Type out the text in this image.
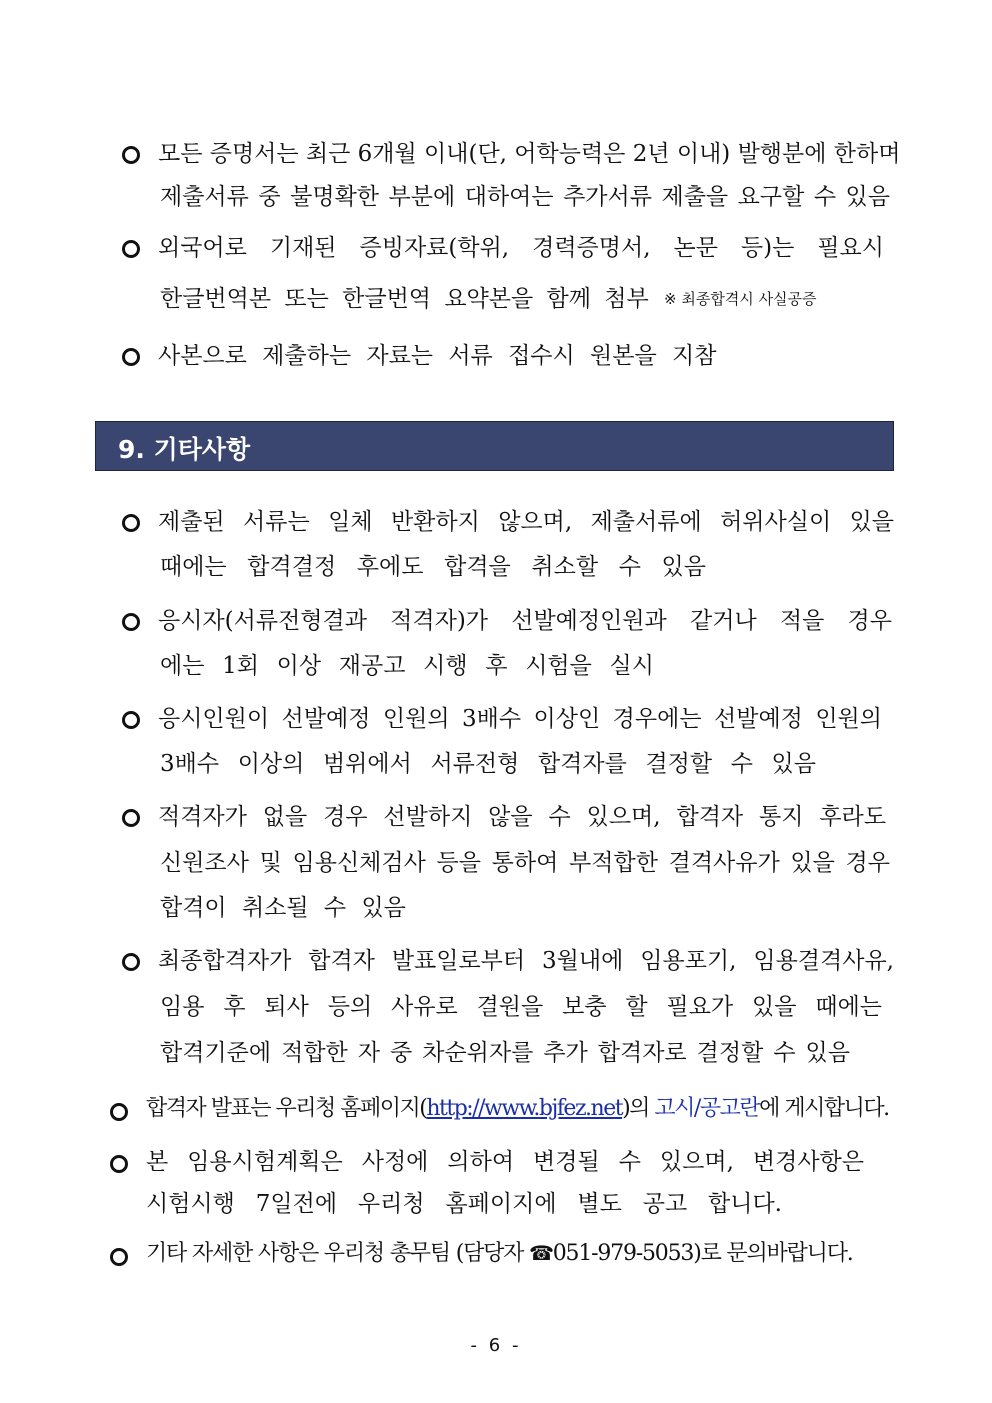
모든 증명서는 최근 6개월 이내(단, 어학능력은 2년 이내) 발행분에 한하며
제출서류 중 불명확한 부분에 대하여는 추가서류 제출을 요구할 수 있음
외국어로 기재된 증빙자료(학위, 경력증명서, 논문 등)는 필요시
한글번역본 또는 한글번역 요약본을 함께 첨부 ※ 최종합격시 사실공증
사본으로 제출하는 자료는 서류 접수시 원본을 지참
9. 기타사항
제출된 서류는 일체 반환하지 않으며, 제출서류에 허위사실이 있을
때에는 합격결정 후에도 합격을 취소할 수 있음
응시자(서류전형결과 적격자)가 선발예정인원과 같거나 적을 경우
에는 1회 이상 재공고 시행 후 시험을 실시
응시인원이 선발예정 인원의 3배수 이상인 경우에는 선발예정 인원의
3배수 이상의 범위에서 서류전형 합격자를 결정할 수 있음
적격자가 없을 경우 선발하지 않을 수 있으며, 합격자 통지 후라도
신원조사 및 임용신체검사 등을 통하여 부적합한 결격사유가 있을 경우
합격이 취소될 수 있음
최종합격자가 합격자 발표일로부터 3월내에 임용포기, 임용결격사유,
임용 후 퇴사 등의 사유로 결원을 보충 할 필요가 있을 때에는
합격기준에 적합한 자 중 차순위자를 추가 합격자로 결정할 수 있음
합격자 발표는 우리청 홈페이지(http://www.bjfez.net)의 고시/공고란에 게시합니다.
본 임용시험계획은 사정에 의하여 변경될 수 있으며, 변경사항은
시험시행 7일전에 우리청 홈페이지에 별도 공고 합니다.
기타 자세한 사항은 우리청 총무팀 (담당자 ☎051-979-5053)로 문의바랍니다.
- 6 -
